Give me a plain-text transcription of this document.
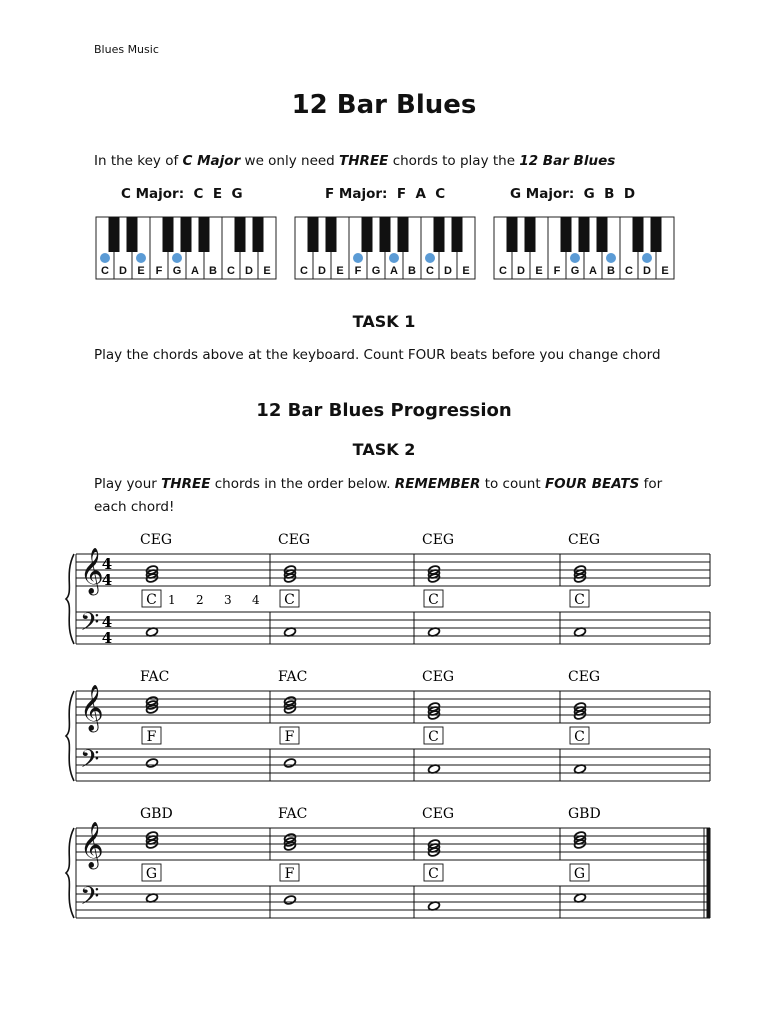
Blues Music
12 Bar Blues
In the key of C Major we only need THREE chords to play the 12 Bar Blues
C Major:  C  E  G	F Major:  F  A  C	G Major:  G  B  D
C D E F G A B C D E	C D E F G A B C D E	C D E F G A B C D E
TASK 1
Play the chords above at the keyboard. Count FOUR beats before you change chord
12 Bar Blues Progression
TASK 2
Play your THREE chords in the order below. REMEMBER to count FOUR BEATS for each chord!
𝄞
𝄢
4
4
4
4
CEG
C 1 2 3 4
CEG
C
CEG
C
CEG
C
𝄞
𝄢
FAC
F
FAC
F
CEG
C
CEG
C
𝄞
𝄢
GBD
G
FAC
F
CEG
C
GBD
G
